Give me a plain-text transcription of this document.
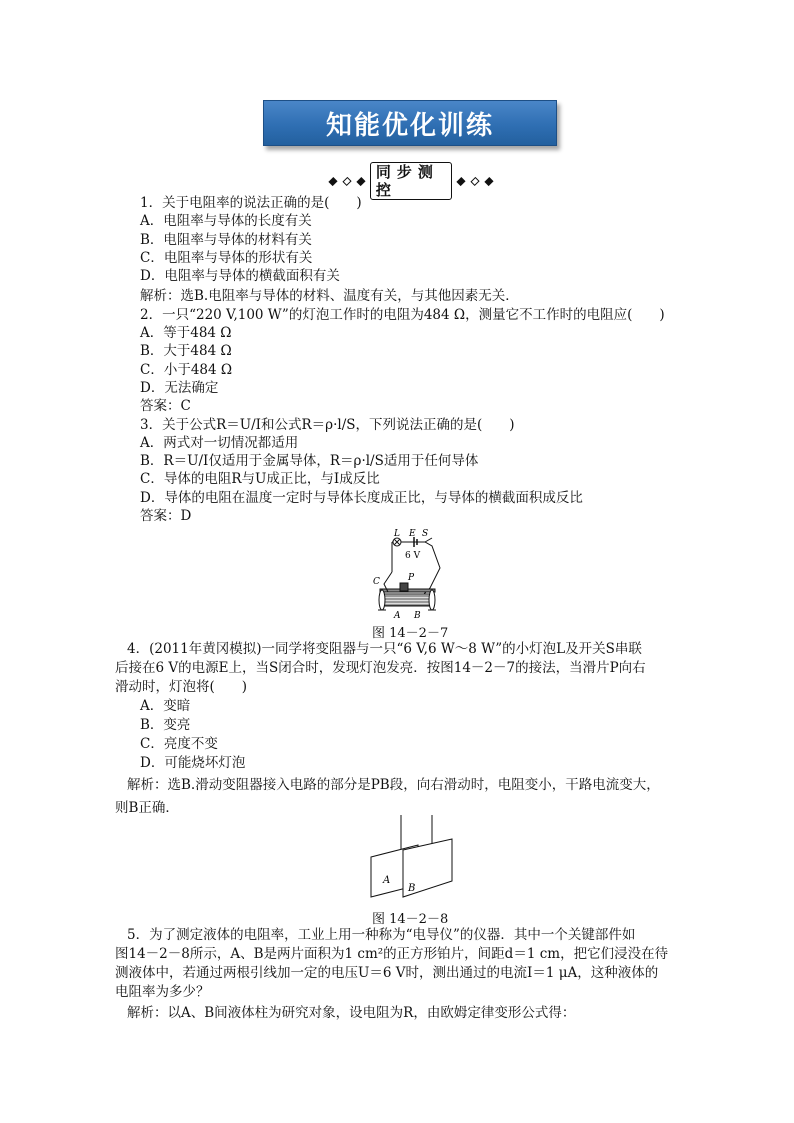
知能优化训练
同步测控
1．关于电阻率的说法正确的是(　　)
A．电阻率与导体的长度有关
B．电阻率与导体的材料有关
C．电阻率与导体的形状有关
D．电阻率与导体的横截面积有关
解析：选B.电阻率与导体的材料、温度有关，与其他因素无关．
2．一只“220 V,100 W”的灯泡工作时的电阻为484 Ω，测量它不工作时的电阻应(　　)
A．等于484 Ω
B．大于484 Ω
C．小于484 Ω
D．无法确定
答案：C
3．关于公式R＝U/I和公式R＝ρ·l/S，下列说法正确的是(　　)
A．两式对一切情况都适用
B．R＝U/I仅适用于金属导体，R＝ρ·l/S适用于任何导体
C．导体的电阻R与U成正比，与I成反比
D．导体的电阻在温度一定时与导体长度成正比，与导体的横截面积成反比
答案：D
L E S
6 V
C	P
A B
图 14－2－7
4．(2011年黄冈模拟)一同学将变阻器与一只“6 V,6 W～8 W”的小灯泡L及开关S串联
后接在6 V的电源E上，当S闭合时，发现灯泡发亮．按图14－2－7的接法，当滑片P向右
滑动时，灯泡将(　　)
A．变暗
B．变亮
C．亮度不变
D．可能烧坏灯泡
解析：选B.滑动变阻器接入电路的部分是PB段，向右滑动时，电阻变小，干路电流变大，
则B正确．
A
B
图 14－2－8
5．为了测定液体的电阻率，工业上用一种称为“电导仪”的仪器．其中一个关键部件如
图14－2－8所示，A、B是两片面积为1 cm²的正方形铂片，间距d＝1 cm，把它们浸没在待
测液体中，若通过两根引线加一定的电压U＝6 V时，测出通过的电流I＝1 μA，这种液体的
电阻率为多少？
解析：以A、B间液体柱为研究对象，设电阻为R，由欧姆定律变形公式得：
